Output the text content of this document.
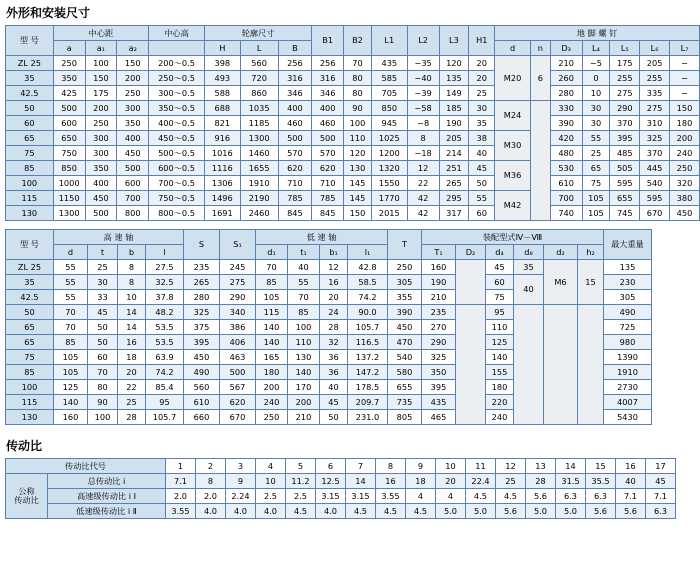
外形和安装尺寸
型 号	中心距			中心高	轮廓尺寸			B1	B2	L1	L2	L3	H1	地 脚 螺 钉						
	a	a₁	a₂		H	L	B							d	n	D₃	L₄	L₅	L₆	L₇
ZL 25	250	100	150	200～0.5	398	560	256	256	70	435	−35	120	20	M20	6	210	−5	175	205	−
35	350	150	200	250～0.5	493	720	316	316	80	585	−40	135	20			260	0	255	255	−
42.5	425	175	250	300～0.5	588	860	346	346	80	705	−39	149	25			280	10	275	335	−
50	500	200	300	350～0.5	688	1035	400	400	90	850	−58	185	30	M24		330	30	290	275	150
60	600	250	350	400～0.5	821	1185	460	460	100	945	−8	190	35			390	30	370	310	180
65	650	300	400	450～0.5	916	1300	500	500	110	1025	8	205	38	M30		420	55	395	325	200
75	750	300	450	500～0.5	1016	1460	570	570	120	1200	−18	214	40			480	25	485	370	240
85	850	350	500	600～0.5	1116	1655	620	620	130	1320	12	251	45	M36		530	65	505	445	250
100	1000	400	600	700～0.5	1306	1910	710	710	145	1550	22	265	50			610	75	595	540	320
115	1150	450	700	750～0.5	1496	2190	785	785	145	1770	42	295	55	M42		700	105	655	595	380
130	1300	500	800	800～0.5	1691	2460	845	845	150	2015	42	317	60			740	105	745	670	450
型 号	高 速 轴				S	S₁	低 速 轴				T	装配型式Ⅳ－Ⅷ						最大重量
	d	t	b	l			d₁	t₁	b₁	l₁		T₁	D₂	d₄	d₈	d₂	h₂	
ZL 25	55	25	8	27.5	235	245	70	40	12	42.8	250	160		45	35	M6	15	135
35	55	30	8	32.5	265	275	85	55	16	58.5	305	190		60	40			230
42.5	55	33	10	37.8	280	290	105	70	20	74.2	355	210		75				305
50	70	45	14	48.2	325	340	115	85	24	90.0	390	235		95				490
65	70	50	14	53.5	375	386	140	100	28	105.7	450	270		110				725
65	85	50	16	53.5	395	406	140	110	32	116.5	470	290		125				980
75	105	60	18	63.9	450	463	165	130	36	137.2	540	325		140				1390
85	105	70	20	74.2	490	500	180	140	36	147.2	580	350		155				1910
100	125	80	22	85.4	560	567	200	170	40	178.5	655	395		180				2730
115	140	90	25	95	610	620	240	200	45	209.7	735	435		220				4007
130	160	100	28	105.7	660	670	250	210	50	231.0	805	465		240				5430
传动比
传动比代号		1	2	3	4	5	6	7	8	9	10	11	12	13	14	15	16	17
公称
传动比	总传动比 i	7.1	8	9	10	11.2	12.5	14	16	18	20	22.4	25	28	31.5	35.5	40	45
	高速级传动比 i Ⅰ	2.0	2.0	2.24	2.5	2.5	3.15	3.15	3.55	4	4	4.5	4.5	5.6	6.3	6.3	7.1	7.1
	低速级传动比 i Ⅱ	3.55	4.0	4.0	4.0	4.5	4.0	4.5	4.5	4.5	5.0	5.0	5.6	5.0	5.0	5.6	5.6	6.3
